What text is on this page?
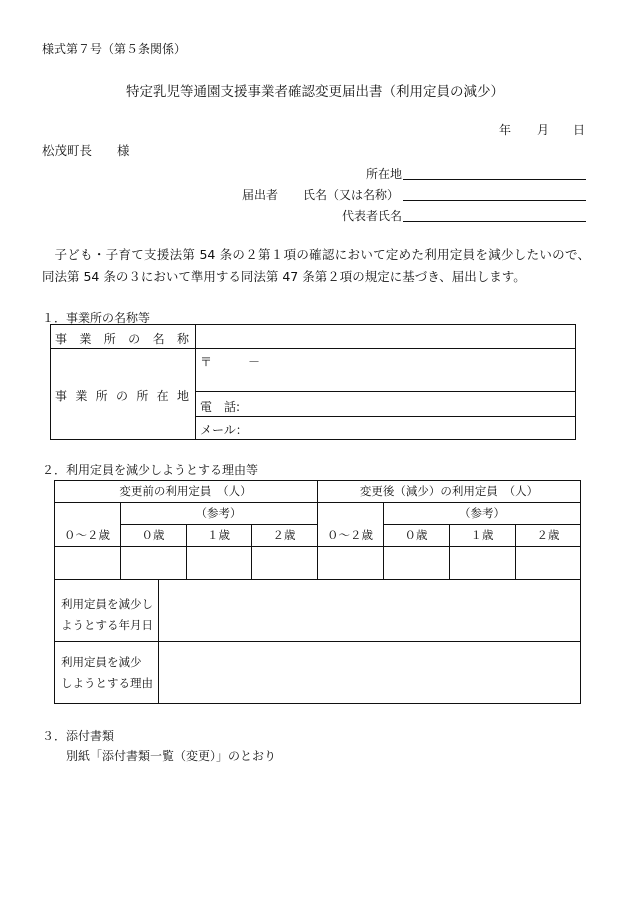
様式第７号（第５条関係）
特定乳児等通園支援事業者確認変更届出書（利用定員の減少）
年 月 日
松茂町長　　様
所在地
届出者 氏名（又は名称）
代表者氏名
子ども・子育て支援法第 54 条の２第１項の確認において定めた利用定員を減少したいので、同法第 54 条の３において準用する同法第 47 条第２項の規定に基づき、届出します。
１．事業所の名称等
事 業 所 の 名 称
事 業 所 の 所 在 地
〒　　　－
電　話:
メール：
２．利用定員を減少しようとする理由等
変更前の利用定員　（人）	変更後（減少）の利用定員　（人）
（参考）	（参考）
０～２歳	０歳	１歳	２歳	０～２歳	０歳	１歳	２歳
利用定員を減少し
ようとする年月日
利用定員を減少
しようとする理由
３．添付書類
別紙「添付書類一覧（変更）」のとおり
